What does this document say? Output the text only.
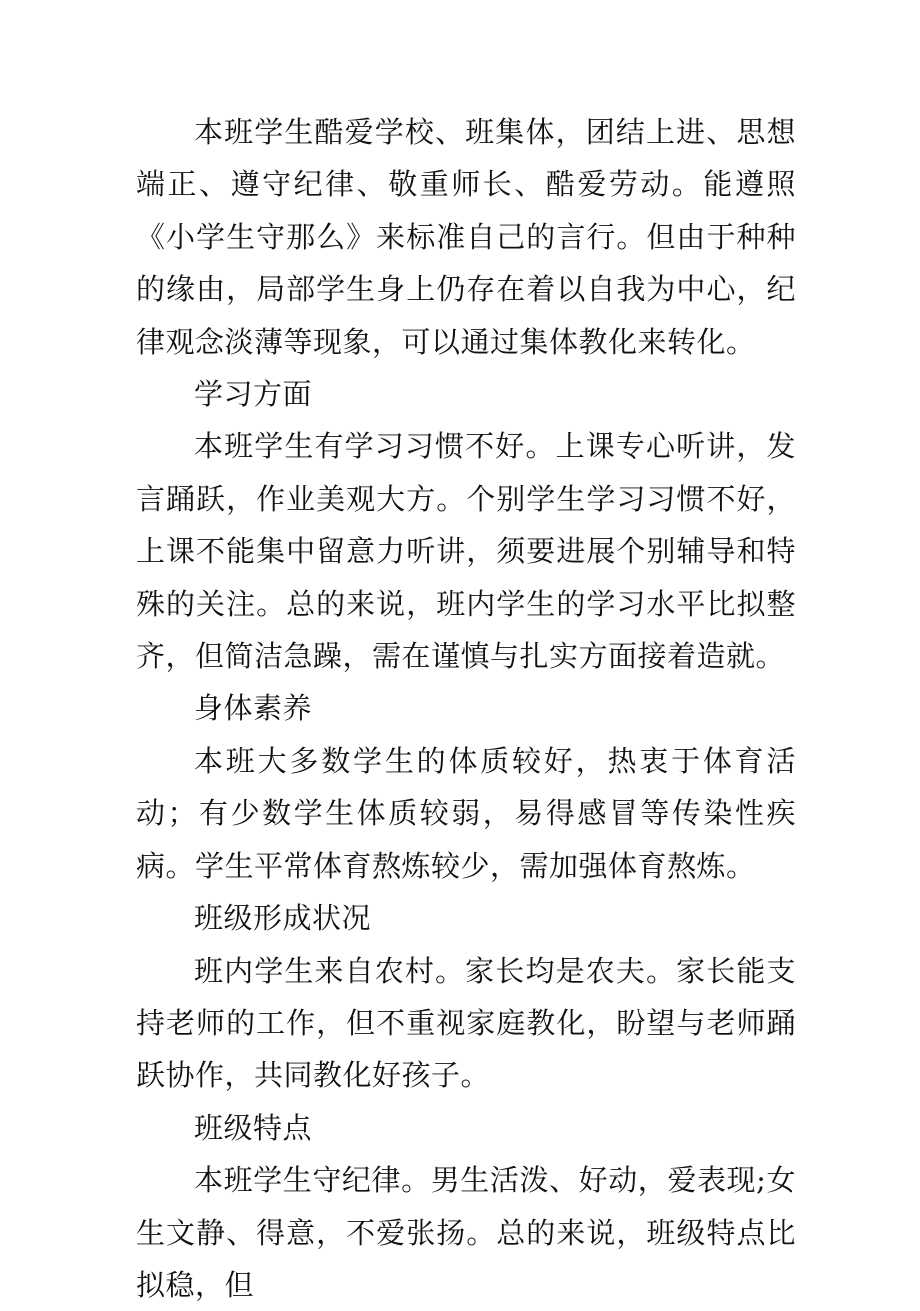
本班学生酷爱学校、班集体，团结上进、思想端正、遵守纪律、敬重师长、酷爱劳动。能遵照《小学生守那么》来标准自己的言行。但由于种种的缘由，局部学生身上仍存在着以自我为中心，纪律观念淡薄等现象，可以通过集体教化来转化。

学习方面

本班学生有学习习惯不好。上课专心听讲，发言踊跃，作业美观大方。个别学生学习习惯不好，上课不能集中留意力听讲，须要进展个别辅导和特殊的关注。总的来说，班内学生的学习水平比拟整齐，但简洁急躁，需在谨慎与扎实方面接着造就。

身体素养

本班大多数学生的体质较好，热衷于体育活动；有少数学生体质较弱，易得感冒等传染性疾病。学生平常体育熬炼较少，需加强体育熬炼。

班级形成状况

班内学生来自农村。家长均是农夫。家长能支持老师的工作，但不重视家庭教化，盼望与老师踊跃协作，共同教化好孩子。

班级特点

本班学生守纪律。男生活泼、好动，爱表现;女生文静、得意，不爱张扬。总的来说，班级特点比拟稳，但
